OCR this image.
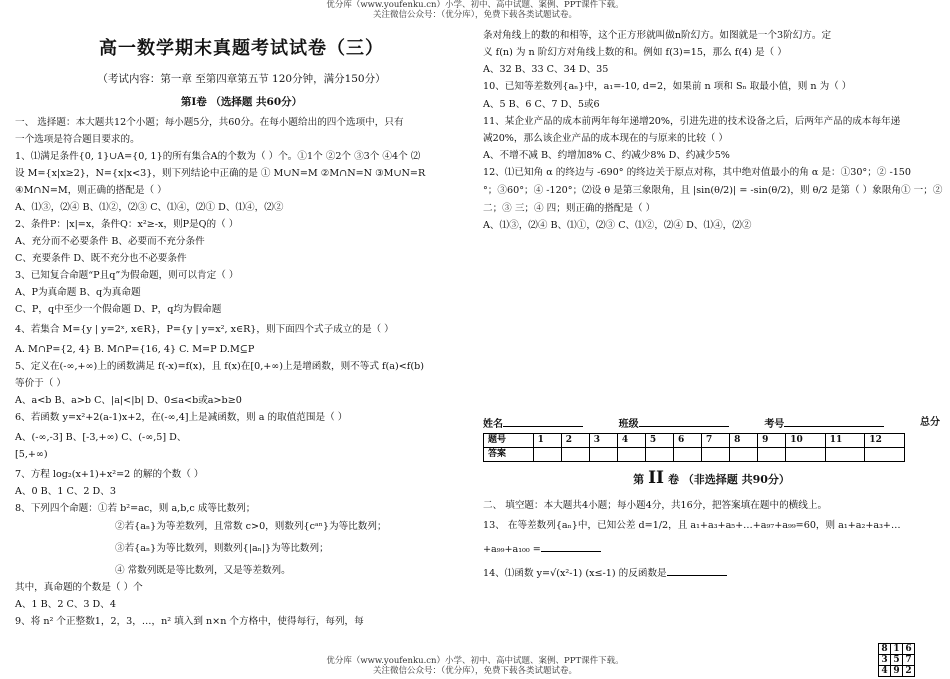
优分库（www.youfenku.cn）小学、初中、高中试题、案例、PPT课件下载。
关注微信公众号：（优分库），免费下载各类试题试卷。
高一数学期末真题考试试卷（三）
（考试内容：第一章 至第四章第五节 120分钟，满分150分）
第Ⅰ卷 （选择题 共60分）
一、 选择题：本大题共12个小题；每小题5分，共60分。在每小题给出的四个选项中，只有
一个选项是符合题目要求的。
1、⑴满足条件{0, 1}∪A={0, 1}的所有集合A的个数为（ ）个。①1个 ②2个 ③3个 ④4个 ⑵
设 M={x|x≥2}，N={x|x<3}，则下列结论中正确的是 ① M∪N=M ②M∩N=N ③M∪N=R
④M∩N=M，则正确的搭配是（ ）
A、⑴③，⑵④ B、⑴②，⑵③ C、⑴④，⑵① D、⑴④，⑵②
2、条件P：|x|=x，条件Q：x²≥-x，则P是Q的（ ）
A、充分而不必要条件 B、必要而不充分条件
C、充要条件 D、既不充分也不必要条件
3、已知复合命题“P且q”为假命题，则可以肯定（ ）
A、P为真命题 B、q为真命题
C、P，q中至少一个假命题 D、P，q均为假命题
4、若集合 M={y | y=2ˣ, x∈R}，P={y | y=x², x∈R}，则下面四个式子成立的是（ ）
A. M∩P={2, 4} B. M∩P={16, 4} C. M=P D.M⊆P
5、定义在(-∞,+∞)上的函数满足 f(-x)=f(x)，且 f(x)在[0,+∞)上是增函数，则不等式 f(a)<f(b)
等价于（ ）
A、a<b B、a>b C、|a|<|b| D、0≤a<b或a>b≥0
6、若函数 y=x²+2(a-1)x+2，在(-∞,4]上是减函数，则 a 的取值范围是（ ）
A、(-∞,-3] B、[-3,+∞) C、(-∞,5] D、
[5,+∞)
7、方程 log₂(x+1)+x²=2 的解的个数（ ）
A、0 B、1 C、2 D、3
8、下列四个命题：①若 b²=ac，则 a,b,c 成等比数列；
②若{aₙ}为等差数列，且常数 c>0，则数列{cᵃⁿ}为等比数列；
③若{aₙ}为等比数列，则数列{|aₙ|}为等比数列；
④ 常数列既是等比数列，又是等差数列。
其中，真命题的个数是（ ）个
A、1 B、2 C、3 D、4
9、将 n² 个正整数1，2，3，…，n² 填入到 n×n 个方格中，使得每行，每列，每
条对角线上的数的和相等，这个正方形就叫做n阶幻方。如图就是一个3阶幻方。定
义 f(n) 为 n 阶幻方对角线上数的和。例如 f(3)=15，那么 f(4) 是（ ）
A、32 B、33 C、34 D、35
10、已知等差数列{aₙ}中，a₁=-10, d=2，如果前 n 项和 Sₙ 取最小值，则 n 为（ ）
A、5 B、6 C、7 D、5或6
11、某企业产品的成本前两年每年递增20%，引进先进的技术设备之后，后两年产品的成本每年递
减20%，那么该企业产品的成本现在的与原来的比较（ ）
A、不增不减 B、约增加8% C、约减少8% D、约减少5%
12、⑴已知角 α 的终边与 -690° 的终边关于原点对称，其中绝对值最小的角 α 是：①30°；② -150
°；③60°；④ -120°；⑵设 θ 是第三象限角，且 |sin(θ/2)| = -sin(θ/2)，则 θ/2 是第（ ）象限角① 一；②
二；③ 三；④ 四；则正确的搭配是（ ）
A、⑴③，⑵④ B、⑴①，⑵③ C、⑴②，⑵④ D、⑴④，⑵②
姓名	班级	考号	总分
题号	1	2	3	4	5	6	7	8	9	10	11	12
答案												
第 II 卷 （非选择题 共90分）
二、 填空题：本大题共4小题；每小题4分，共16分，把答案填在题中的横线上。
13、 在等差数列{aₙ}中，已知公差 d=1/2，且 a₁+a₃+a₅+…+a₉₇+a₉₉=60，则 a₁+a₂+a₃+…
+a₉₉+a₁₀₀ =
14、⑴函数 y=√(x²-1) (x≤-1) 的反函数是
8	1	6
3	5	7
4	9	2
优分库（www.youfenku.cn）小学、初中、高中试题、案例、PPT课件下载。
关注微信公众号：（优分库），免费下载各类试题试卷。
